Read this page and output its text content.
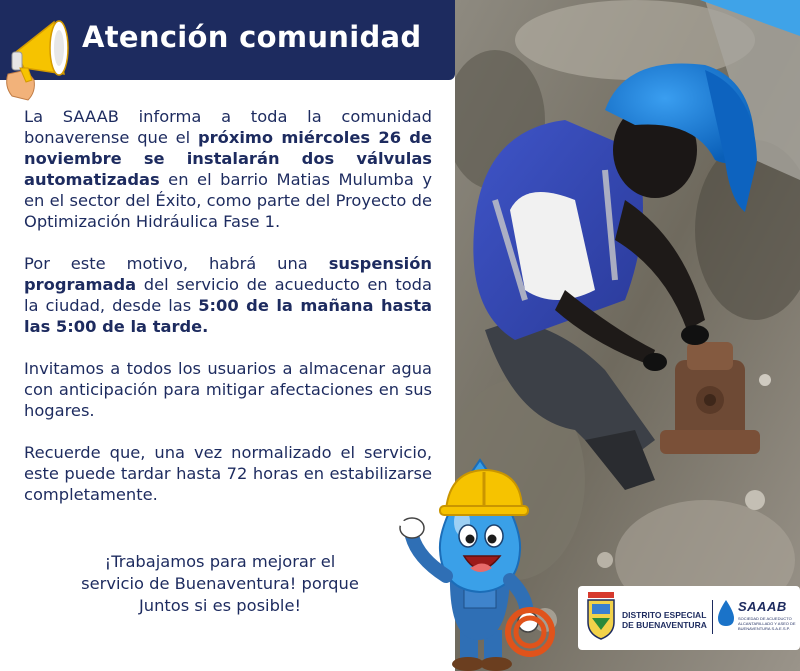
Atención comunidad

La SAAAB informa a toda la comunidad bonaverense que el próximo miércoles 26 de noviembre se instalarán dos válvulas automatizadas en el barrio Matias Mulumba y en el sector del Éxito, como parte del Proyecto de Optimización Hidráulica Fase 1.

Por este motivo, habrá una suspensión programada del servicio de acueducto en toda la ciudad, desde las 5:00 de la mañana hasta las 5:00 de la tarde.

Invitamos a todos los usuarios a almacenar agua con anticipación para mitigar afectaciones en sus hogares.

Recuerde que, una vez normalizado el servicio, este puede tardar hasta 72 horas en estabilizarse completamente.

¡Trabajamos para mejorar el
servicio de Buenaventura! porque
Juntos si es posible!	DISTRITO ESPECIAL
DE BUENAVENTURA
SAAAB
SOCIEDAD DE ACUEDUCTO ALCANTARILLADO Y ASEO DE BUENAVENTURA S.A.E.S.P.
